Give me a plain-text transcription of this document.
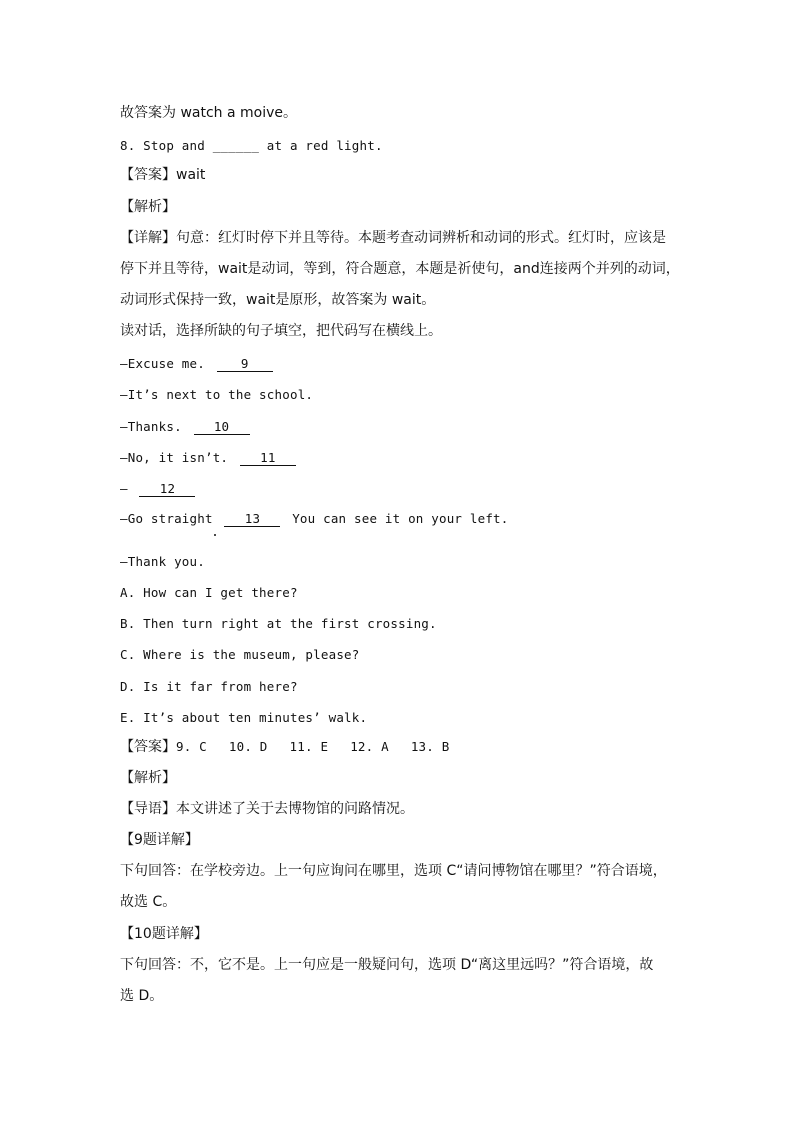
故答案为 watch a moive。
8. Stop and ______ at a red light.
【答案】wait
【解析】
【详解】句意：红灯时停下并且等待。本题考查动词辨析和动词的形式。红灯时，应该是
停下并且等待，wait是动词，等到，符合题意，本题是祈使句，and连接两个并列的动词，
动词形式保持一致，wait是原形，故答案为 wait。
读对话，选择所缺的句子填空，把代码写在横线上。
—Excuse me.	9
—It’s next to the school.
—Thanks.	10
—No, it isn’t.	11
—	12
—Go straight	13	You can see it on your left.
—Thank you.
A. How can I get there?
B. Then turn right at the first crossing.
C. Where is the museum, please?
D. Is it far from here?
E. It’s about ten minutes’ walk.
【答案】9. C 10. D 11. E 12. A 13. B
【解析】
【导语】本文讲述了关于去博物馆的问路情况。
【9题详解】
下句回答：在学校旁边。上一句应询问在哪里，选项 C“请问博物馆在哪里？”符合语境，
故选 C。
【10题详解】
下句回答：不，它不是。上一句应是一般疑问句，选项 D“离这里远吗？”符合语境，故
选 D。
